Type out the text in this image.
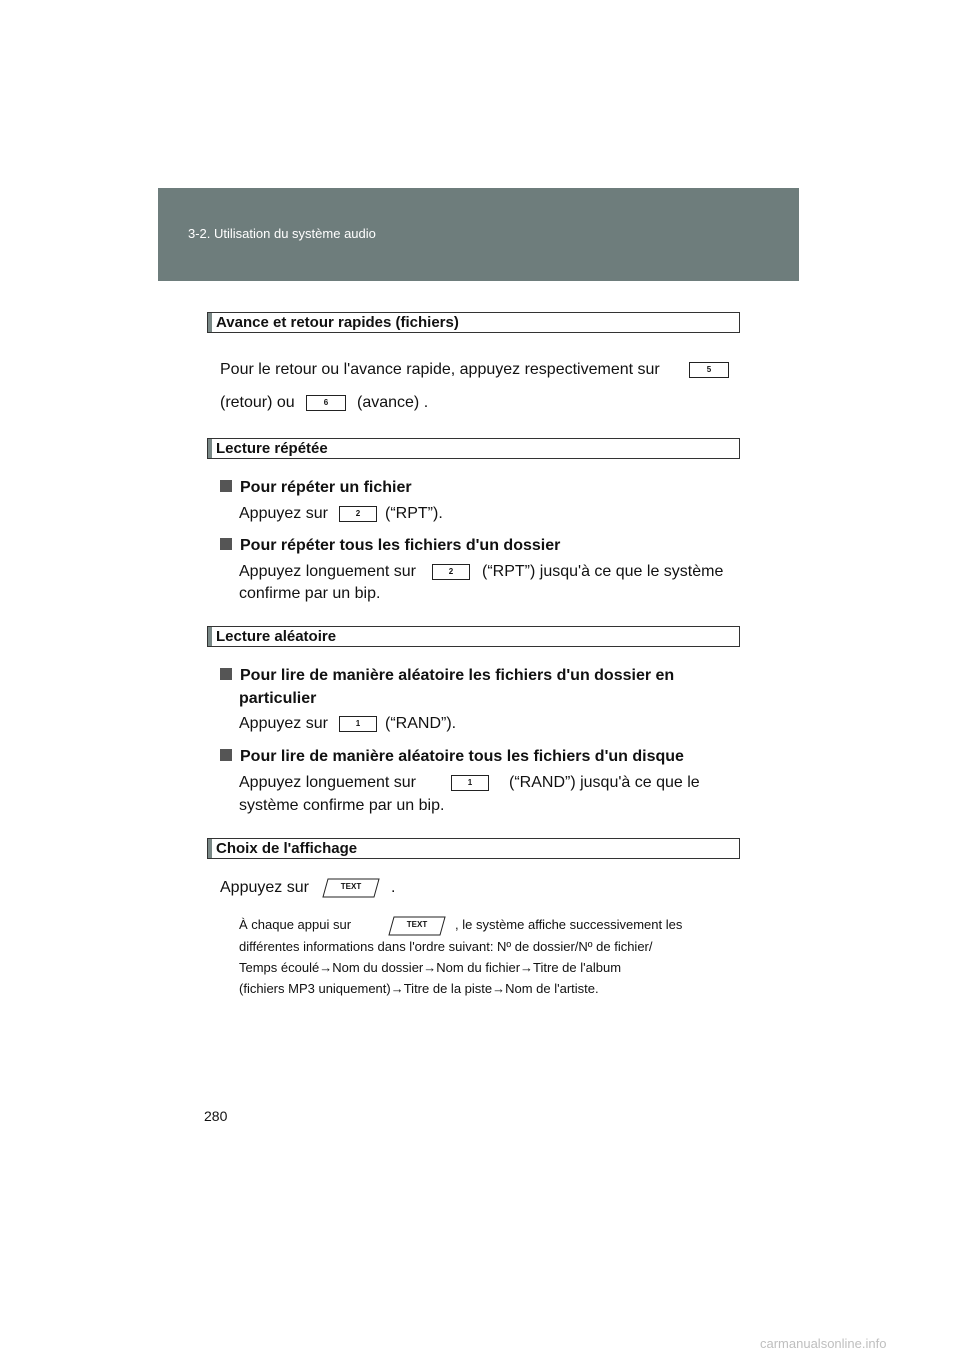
3-2. Utilisation du système audio
Avance et retour rapides (fichiers)
Pour le retour ou l'avance rapide, appuyez respectivement sur	5
(retour) ou	6	(avance) .
Lecture répétée
Pour répéter un fichier
Appuyez sur	2	(“RPT”).
Pour répéter tous les fichiers d'un dossier
Appuyez longuement sur	2	(“RPT”) jusqu'à ce que le système
confirme par un bip.
Lecture aléatoire
Pour lire de manière aléatoire les fichiers d'un dossier en
particulier
Appuyez sur	1	(“RAND”).
Pour lire de manière aléatoire tous les fichiers d'un disque
Appuyez longuement sur	1	(“RAND”) jusqu'à ce que le
système confirme par un bip.
Choix de l'affichage
Appuyez sur	TEXT	.
À chaque appui sur	TEXT	, le système affiche successivement les
différentes informations dans l'ordre suivant: Nº de dossier/Nº de fichier/
Temps écoulé→Nom du dossier→Nom du fichier→Titre de l'album
(fichiers MP3 uniquement)→Titre de la piste→Nom de l'artiste.
280
carmanualsonline.info
